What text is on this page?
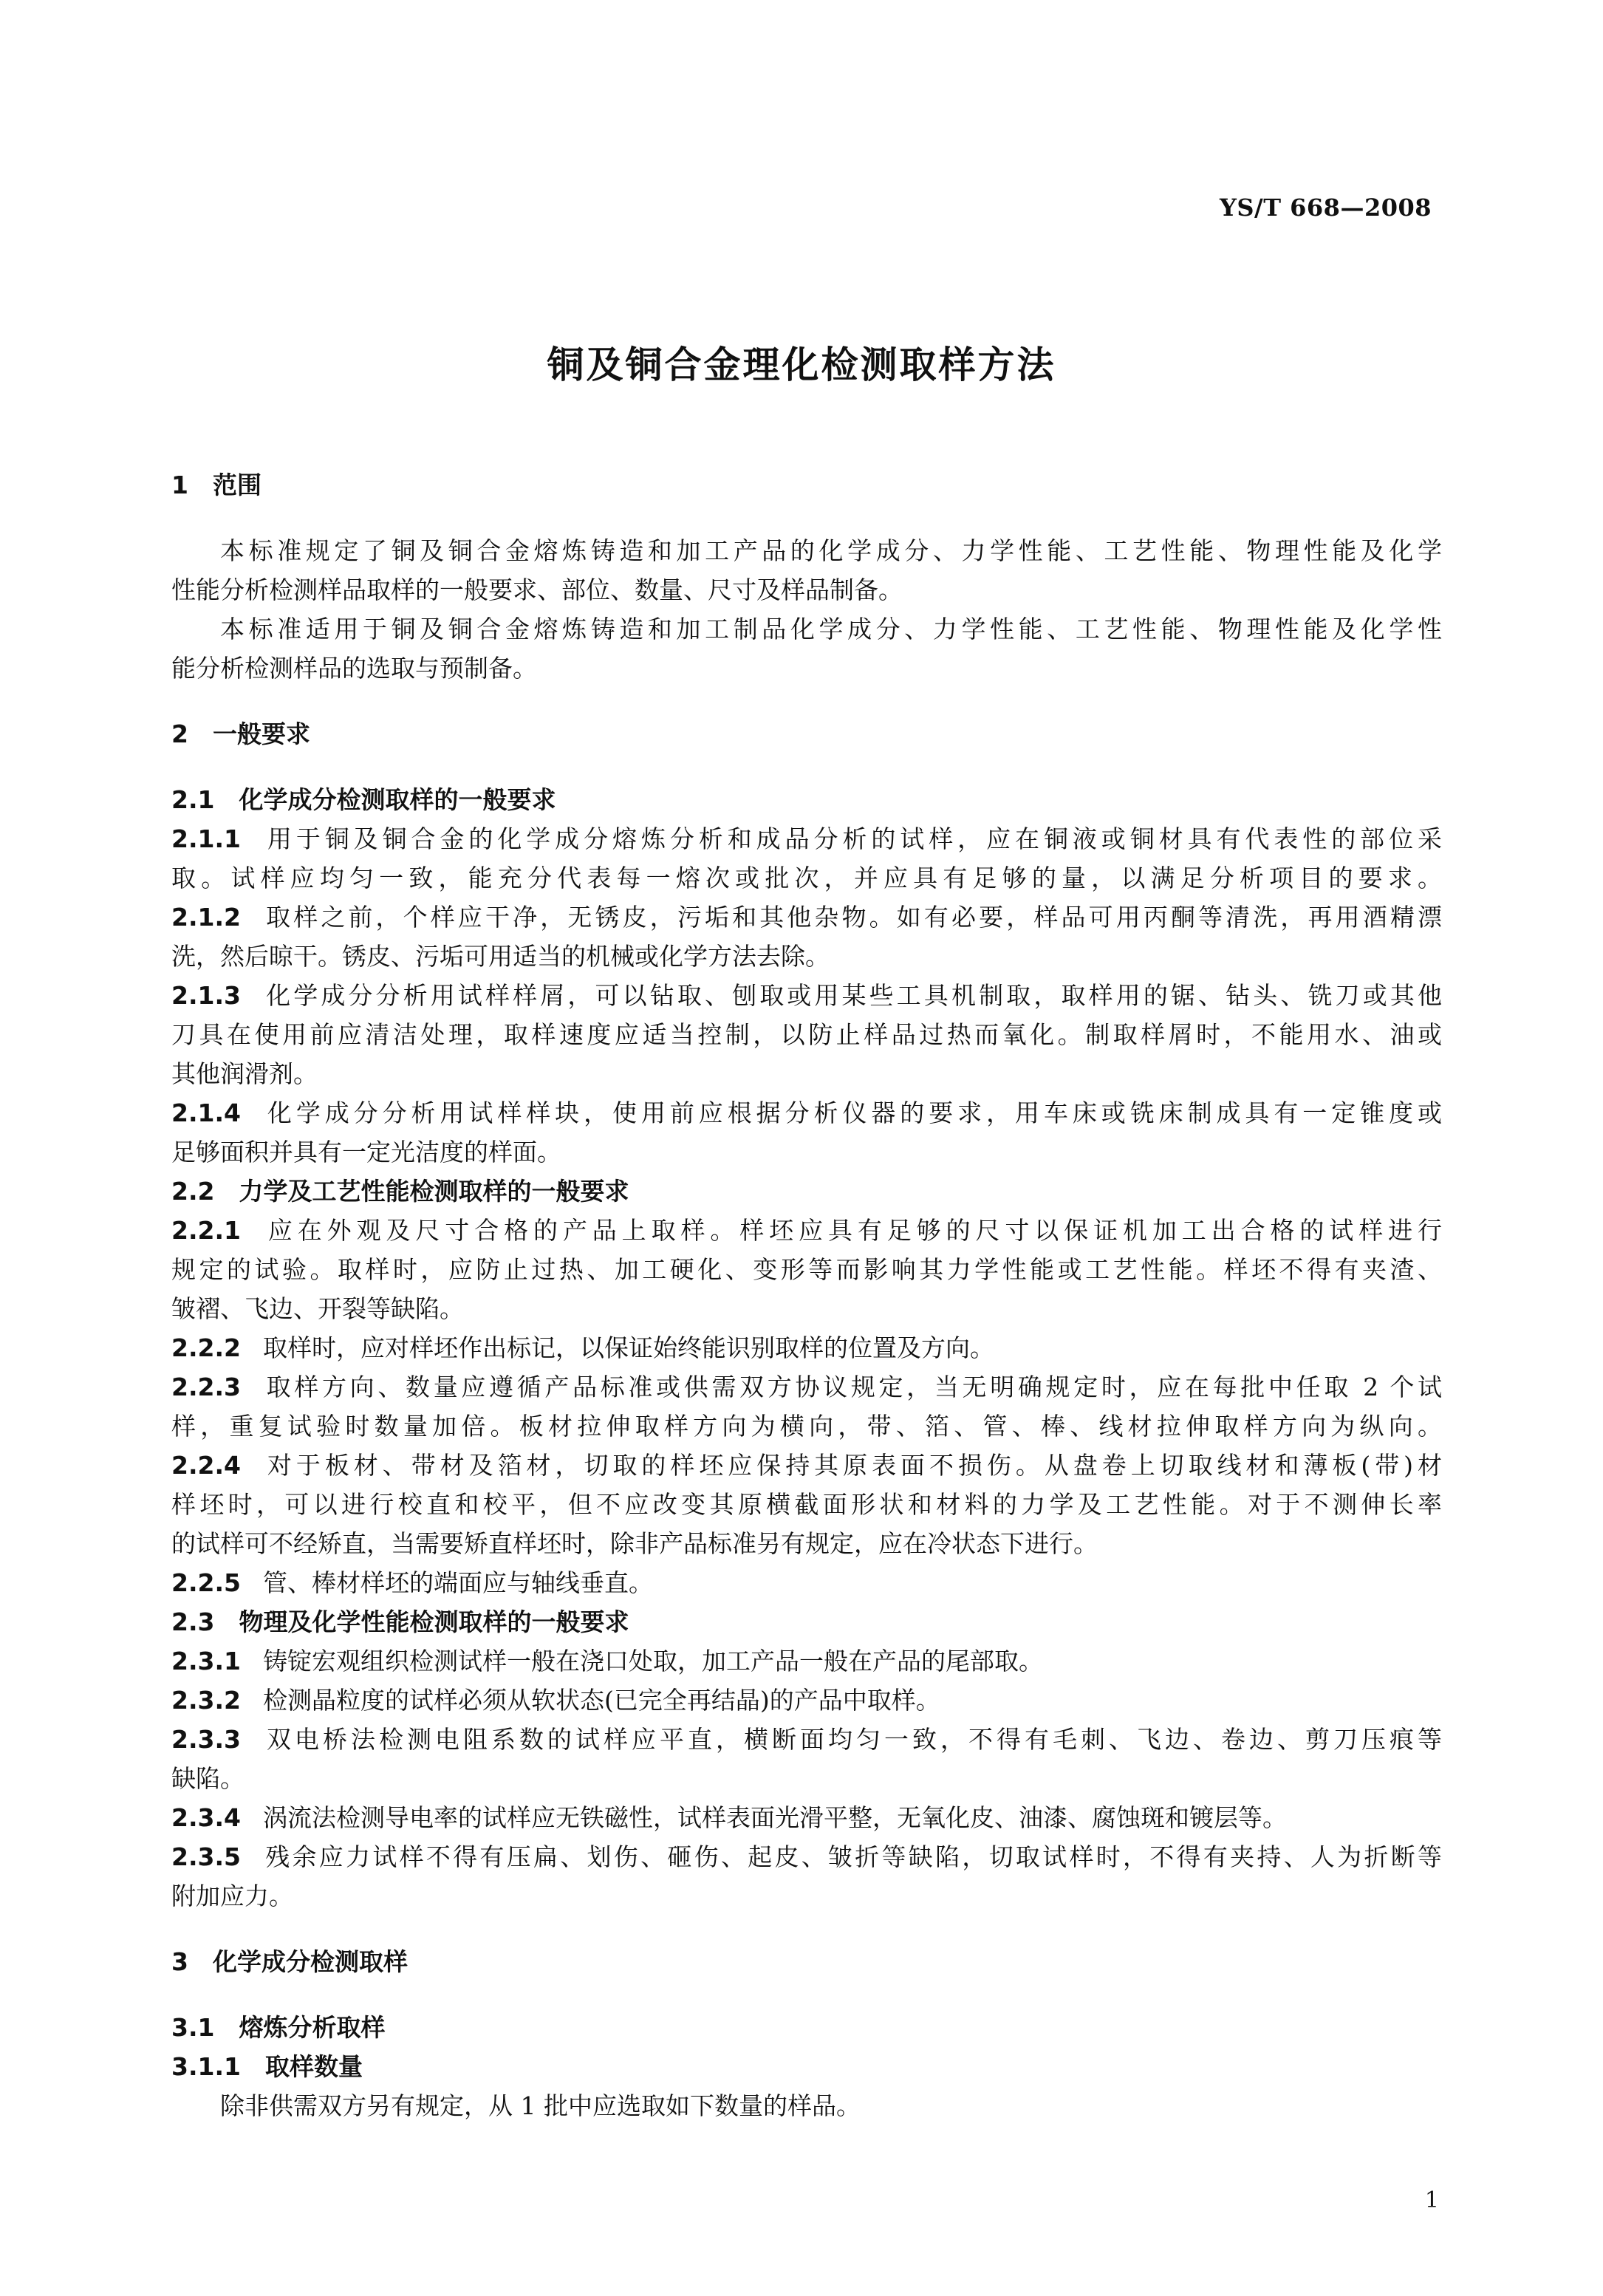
YS/T 668—2008
铜及铜合金理化检测取样方法
1　范围
本标准规定了铜及铜合金熔炼铸造和加工产品的化学成分、力学性能、工艺性能、物理性能及化学
性能分析检测样品取样的一般要求、部位、数量、尺寸及样品制备。
本标准适用于铜及铜合金熔炼铸造和加工制品化学成分、力学性能、工艺性能、物理性能及化学性
能分析检测样品的选取与预制备。
2　一般要求
2.1　化学成分检测取样的一般要求
2.1.1 用于铜及铜合金的化学成分熔炼分析和成品分析的试样，应在铜液或铜材具有代表性的部位采
取。试样应均匀一致，能充分代表每一熔次或批次，并应具有足够的量，以满足分析项目的要求。
2.1.2 取样之前，个样应干净，无锈皮，污垢和其他杂物。如有必要，样品可用丙酮等清洗，再用酒精漂
洗，然后晾干。锈皮、污垢可用适当的机械或化学方法去除。
2.1.3 化学成分分析用试样样屑，可以钻取、刨取或用某些工具机制取，取样用的锯、钻头、铣刀或其他
刀具在使用前应清洁处理，取样速度应适当控制，以防止样品过热而氧化。制取样屑时，不能用水、油或
其他润滑剂。
2.1.4 化学成分分析用试样样块，使用前应根据分析仪器的要求，用车床或铣床制成具有一定锥度或
足够面积并具有一定光洁度的样面。
2.2　力学及工艺性能检测取样的一般要求
2.2.1 应在外观及尺寸合格的产品上取样。样坯应具有足够的尺寸以保证机加工出合格的试样进行
规定的试验。取样时，应防止过热、加工硬化、变形等而影响其力学性能或工艺性能。样坯不得有夹渣、
皱褶、飞边、开裂等缺陷。
2.2.2 取样时，应对样坯作出标记，以保证始终能识别取样的位置及方向。
2.2.3 取样方向、数量应遵循产品标准或供需双方协议规定，当无明确规定时，应在每批中任取 2 个试
样，重复试验时数量加倍。板材拉伸取样方向为横向，带、箔、管、棒、线材拉伸取样方向为纵向。
2.2.4 对于板材、带材及箔材，切取的样坯应保持其原表面不损伤。从盘卷上切取线材和薄板(带)材
样坯时，可以进行校直和校平，但不应改变其原横截面形状和材料的力学及工艺性能。对于不测伸长率
的试样可不经矫直，当需要矫直样坯时，除非产品标准另有规定，应在冷状态下进行。
2.2.5 管、棒材样坯的端面应与轴线垂直。
2.3　物理及化学性能检测取样的一般要求
2.3.1 铸锭宏观组织检测试样一般在浇口处取，加工产品一般在产品的尾部取。
2.3.2 检测晶粒度的试样必须从软状态(已完全再结晶)的产品中取样。
2.3.3 双电桥法检测电阻系数的试样应平直，横断面均匀一致，不得有毛刺、飞边、卷边、剪刀压痕等
缺陷。
2.3.4 涡流法检测导电率的试样应无铁磁性，试样表面光滑平整，无氧化皮、油漆、腐蚀斑和镀层等。
2.3.5 残余应力试样不得有压扁、划伤、砸伤、起皮、皱折等缺陷，切取试样时，不得有夹持、人为折断等
附加应力。
3　化学成分检测取样
3.1　熔炼分析取样
3.1.1　取样数量
除非供需双方另有规定，从 1 批中应选取如下数量的样品。
1
